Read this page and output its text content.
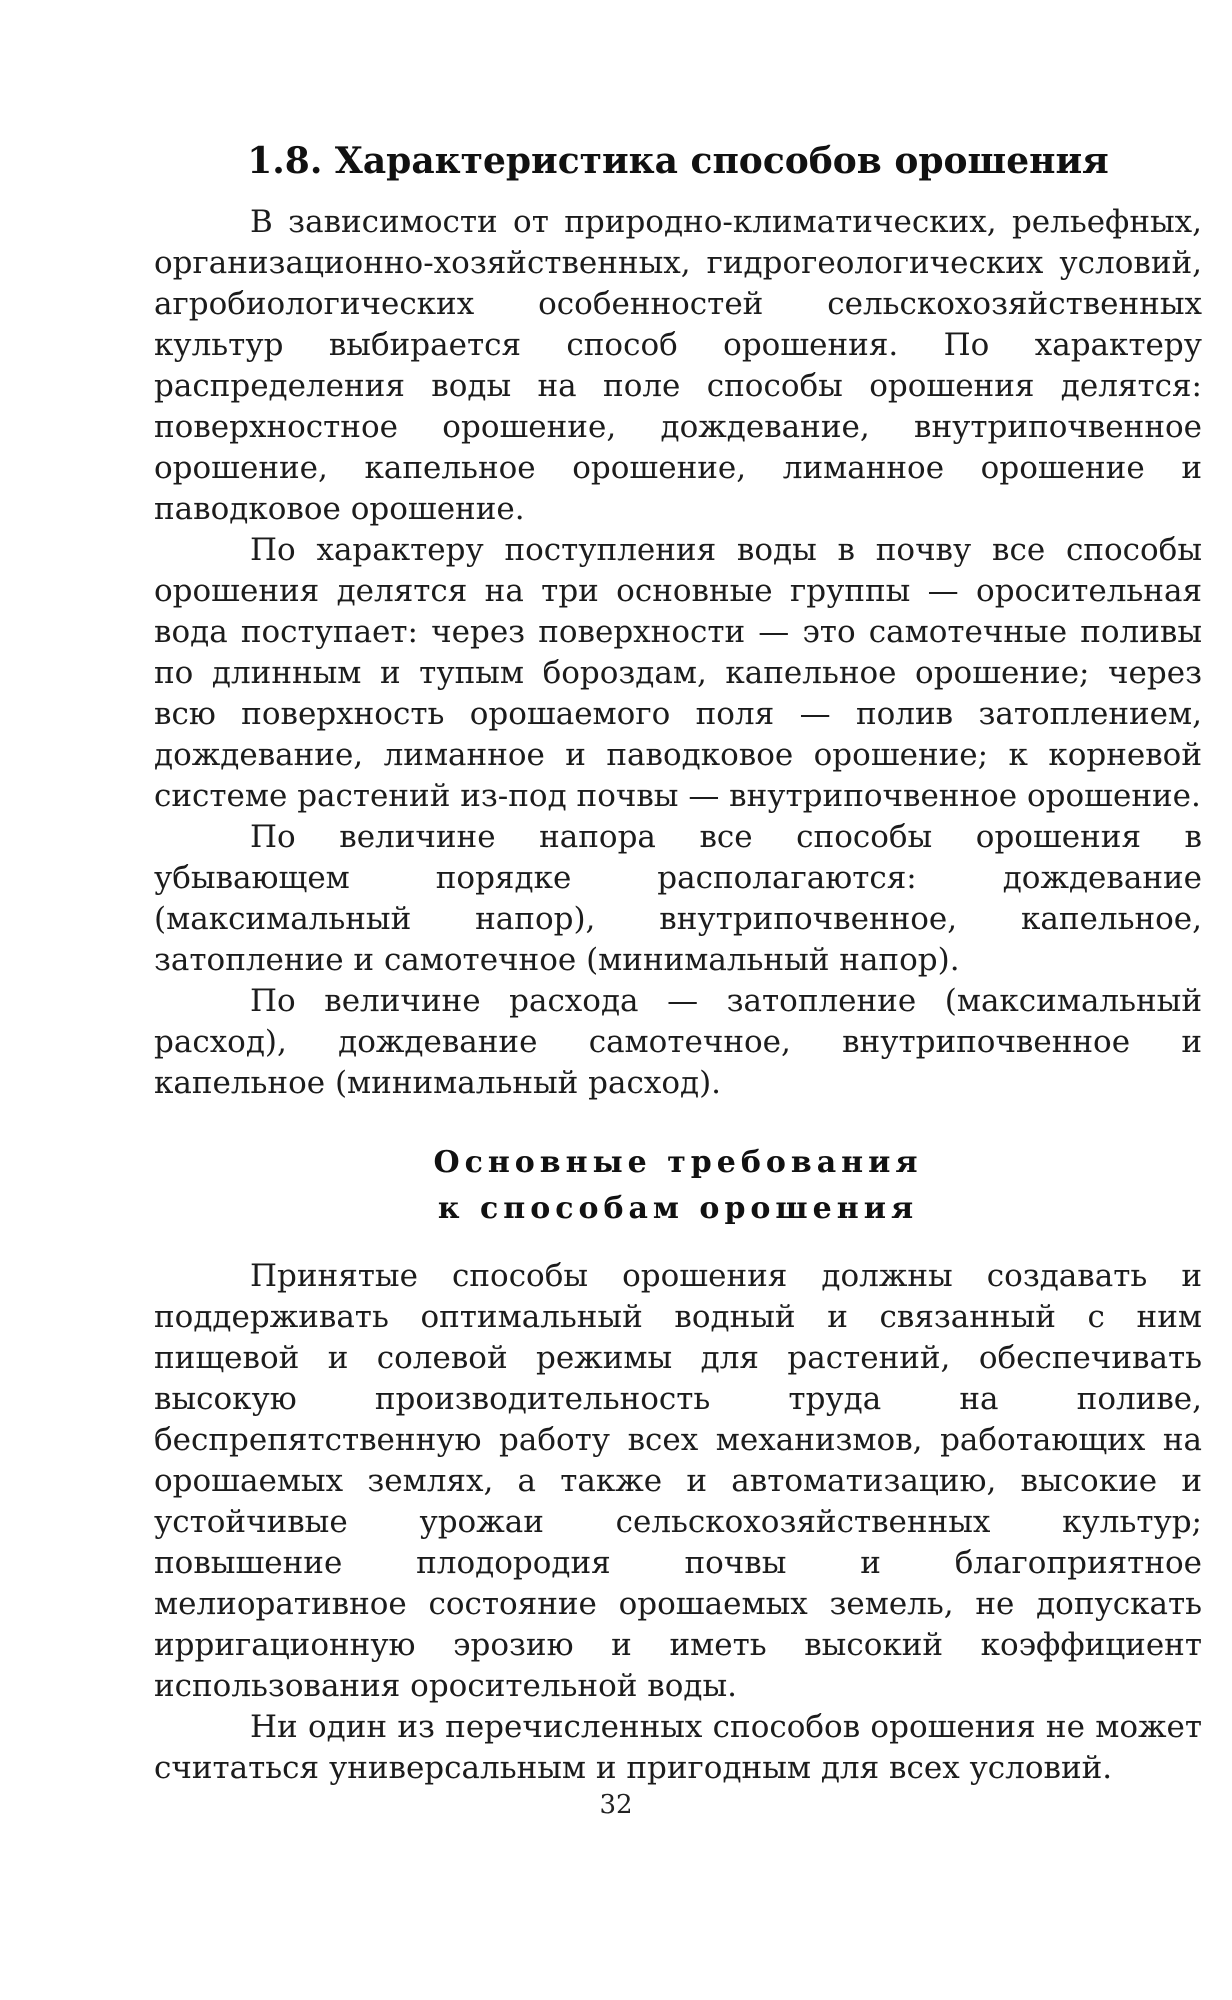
1.8. Характеристика способов орошения

В зависимости от природно-климатических, рельефных, организационно-хозяйственных, гидрогеологических условий, агробиологических особенностей сельскохозяйственных культур выбирается способ орошения. По характеру распределения воды на поле способы орошения делятся: поверхностное орошение, дождевание, внутрипочвенное орошение, капельное орошение, лиманное орошение и паводковое орошение.

По характеру поступления воды в почву все способы орошения делятся на три основные группы — оросительная вода поступает: через поверхности — это самотечные поливы по длинным и тупым бороздам, капельное орошение; через всю поверхность орошаемого поля — полив затоплением, дождевание, лиманное и паводковое орошение; к корневой системе растений из-под почвы — внутрипочвенное орошение.

По величине напора все способы орошения в убывающем порядке располагаются: дождевание (максимальный напор), внутрипочвенное, капельное, затопление и самотечное (минимальный напор).

По величине расхода — затопление (максимальный расход), дождевание самотечное, внутрипочвенное и капельное (минимальный расход).

Основные требования
к способам орошения

Принятые способы орошения должны создавать и поддерживать оптимальный водный и связанный с ним пищевой и солевой режимы для растений, обеспечивать высокую производительность труда на поливе, беспрепятственную работу всех механизмов, работающих на орошаемых землях, а также и автоматизацию, высокие и устойчивые урожаи сельскохозяйственных культур; повышение плодородия почвы и благоприятное мелиоративное состояние орошаемых земель, не допускать ирригационную эрозию и иметь высокий коэффициент использования оросительной воды.

Ни один из перечисленных способов орошения не может считаться универсальным и пригодным для всех условий.

32
